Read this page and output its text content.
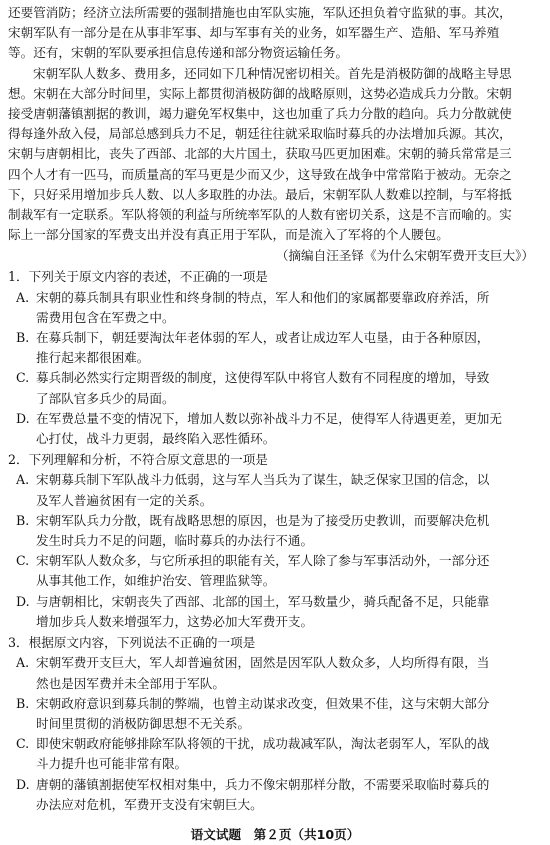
还要管消防；经济立法所需要的强制措施也由军队实施，军队还担负着守监狱的事。其次，
宋朝军队有一部分是在从事非军事、却与军事有关的业务，如军器生产、造船、军马养殖
等。还有，宋朝的军队要承担信息传递和部分物资运输任务。
宋朝军队人数多、费用多，还同如下几种情况密切相关。首先是消极防御的战略主导思
想。宋朝在大部分时间里，实际上都贯彻消极防御的战略原则，这势必造成兵力分散。宋朝
接受唐朝藩镇割据的教训，竭力避免军权集中，这也加重了兵力分散的趋向。兵力分散就使
得每逢外敌入侵，局部总感到兵力不足，朝廷往往就采取临时募兵的办法增加兵源。其次，
宋朝与唐朝相比，丧失了西部、北部的大片国土，获取马匹更加困难。宋朝的骑兵常常是三
四个人才有一匹马，而质量高的军马更是少而又少，这导致在战争中常常陷于被动。无奈之
下，只好采用增加步兵人数、以人多取胜的办法。最后，宋朝军队人数难以控制，与军将抵
制裁军有一定联系。军队将领的利益与所统率军队的人数有密切关系，这是不言而喻的。实
际上一部分国家的军费支出并没有真正用于军队，而是流入了军将的个人腰包。
（摘编自汪圣铎《为什么宋朝军费开支巨大》）
1．下列关于原文内容的表述，不正确的一项是
A. 宋朝的募兵制具有职业性和终身制的特点，军人和他们的家属都要靠政府养活，所
需费用包含在军费之中。
B. 在募兵制下，朝廷要淘汰年老体弱的军人，或者让成边军人屯垦，由于各种原因，
推行起来都很困难。
C. 募兵制必然实行定期晋级的制度，这使得军队中将官人数有不同程度的增加，导致
了部队官多兵少的局面。
D. 在军费总量不变的情况下，增加人数以弥补战斗力不足，使得军人待遇更差，更加无
心打仗，战斗力更弱，最终陷入恶性循环。
2．下列理解和分析，不符合原文意思的一项是
A. 宋朝募兵制下军队战斗力低弱，这与军人当兵为了谋生，缺乏保家卫国的信念，以
及军人普遍贫困有一定的关系。
B. 宋朝军队兵力分散，既有战略思想的原因，也是为了接受历史教训，而要解决危机
发生时兵力不足的问题，临时募兵的办法行不通。
C. 宋朝军队人数众多，与它所承担的职能有关，军人除了参与军事活动外，一部分还
从事其他工作，如维护治安、管理监狱等。
D. 与唐朝相比，宋朝丧失了西部、北部的国土，军马数量少，骑兵配备不足，只能靠
增加步兵人数来增强军力，这势必加大军费开支。
3．根据原文内容，下列说法不正确的一项是
A. 宋朝军费开支巨大，军人却普遍贫困，固然是因军队人数众多，人均所得有限，当
然也是因军费并未全部用于军队。
B. 宋朝政府意识到募兵制的弊端，也曾主动谋求改变，但效果不佳，这与宋朝大部分
时间里贯彻的消极防御思想不无关系。
C. 即使宋朝政府能够排除军队将领的干扰，成功裁减军队，淘汰老弱军人，军队的战
斗力提升也可能非常有限。
D. 唐朝的藩镇割据使军权相对集中，兵力不像宋朝那样分散，不需要采取临时募兵的
办法应对危机，军费开支没有宋朝巨大。
语文试题　第２页（共10页）
